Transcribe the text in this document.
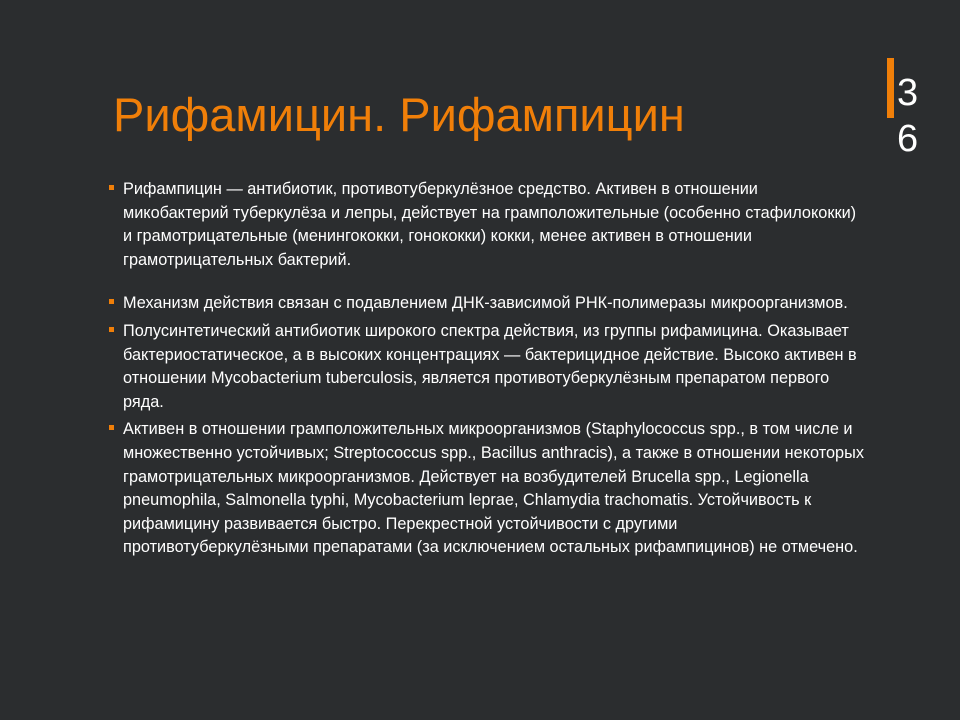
36
Рифамицин. Рифампицин
Рифампицин — антибиотик, противотуберкулёзное средство. Активен в отношении микобактерий туберкулёза и лепры, действует на грамположительные (особенно стафилококки) и грамотрицательные (менингококки, гонококки) кокки, менее активен в отношении грамотрицательных бактерий.
Механизм действия связан с подавлением ДНК-зависимой РНК-полимеразы микроорганизмов.
Полусинтетический антибиотик широкого спектра действия, из группы рифамицина. Оказывает бактериостатическое, а в высоких концентрациях — бактерицидное действие. Высоко активен в отношении Mycobacterium tuberculosis, является противотуберкулёзным препаратом первого ряда.
Активен в отношении грамположительных микроорганизмов (Staphylococcus spp., в том числе и множественно устойчивых; Streptococcus spp., Bacillus anthracis), а также в отношении некоторых грамотрицательных микроорганизмов. Действует на возбудителей Brucella spp., Legionella pneumophila, Salmonella typhi, Mycobacterium leprae, Chlamydia trachomatis. Устойчивость к рифамицину развивается быстро. Перекрестной устойчивости с другими противотуберкулёзными препаратами (за исключением остальных рифампицинов) не отмечено.
